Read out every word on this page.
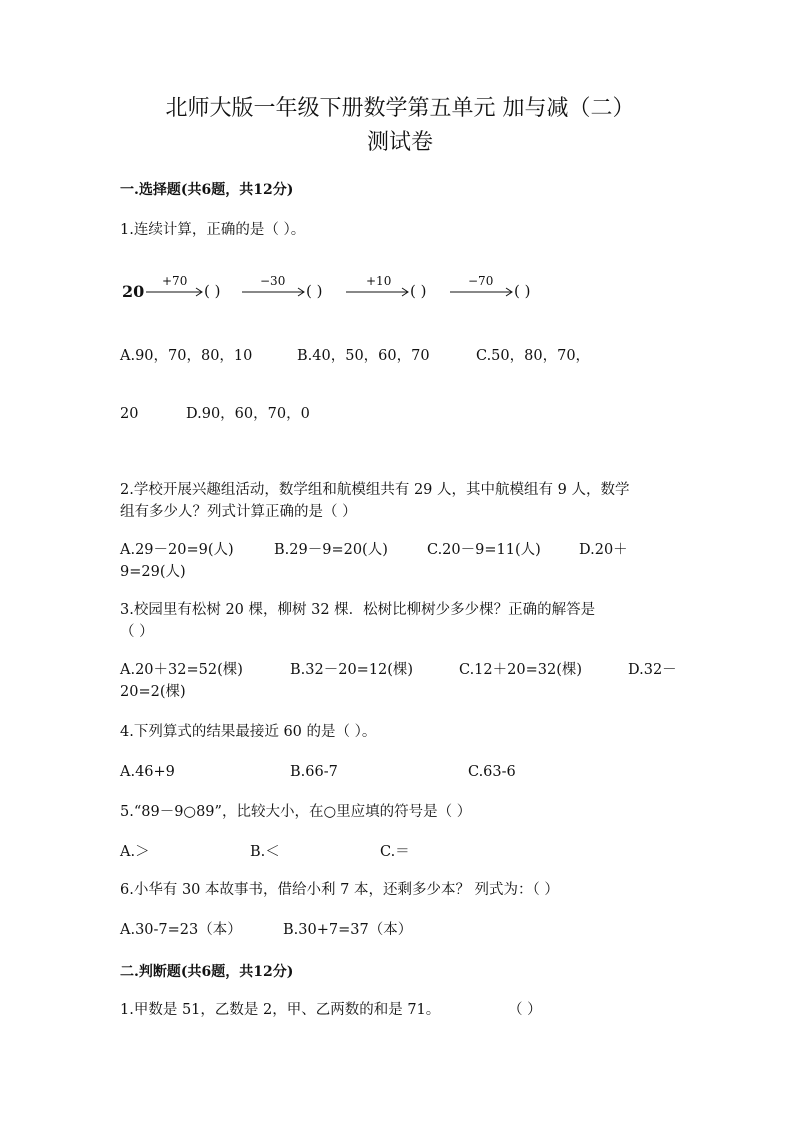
北师大版一年级下册数学第五单元 加与减（二）
测试卷
一.选择题(共6题，共12分)
1.连续计算，正确的是（ ）。
20
+70	−30	+10	−70
( )	( )	( )	( )
A.90，70，80，10	B.40，50，60，70	C.50，80，70，
20	D.90，60，70，0
2.学校开展兴趣组活动，数学组和航模组共有 29 人，其中航模组有 9 人，数学
组有多少人？列式计算正确的是（ ）
A.29－20=9(人)	B.29－9=20(人)	C.20－9=11(人)	D.20＋
9=29(人)
3.校园里有松树 20 棵，柳树 32 棵．松树比柳树少多少棵？正确的解答是
（ ）
A.20＋32=52(棵)	B.32－20=12(棵)	C.12＋20=32(棵)	D.32－
20=2(棵)
4.下列算式的结果最接近 60 的是（ ）。
A.46+9	B.66-7	C.63-6
5.“89－9○89”，比较大小，在○里应填的符号是（ ）
A.＞	B.＜	C.＝
6.小华有 30 本故事书，借给小利 7 本，还剩多少本？ 列式为：（ ）
A.30-7=23（本）	B.30+7=37（本）
二.判断题(共6题，共12分)
1.甲数是 51，乙数是 2，甲、乙两数的和是 71。	（ ）
